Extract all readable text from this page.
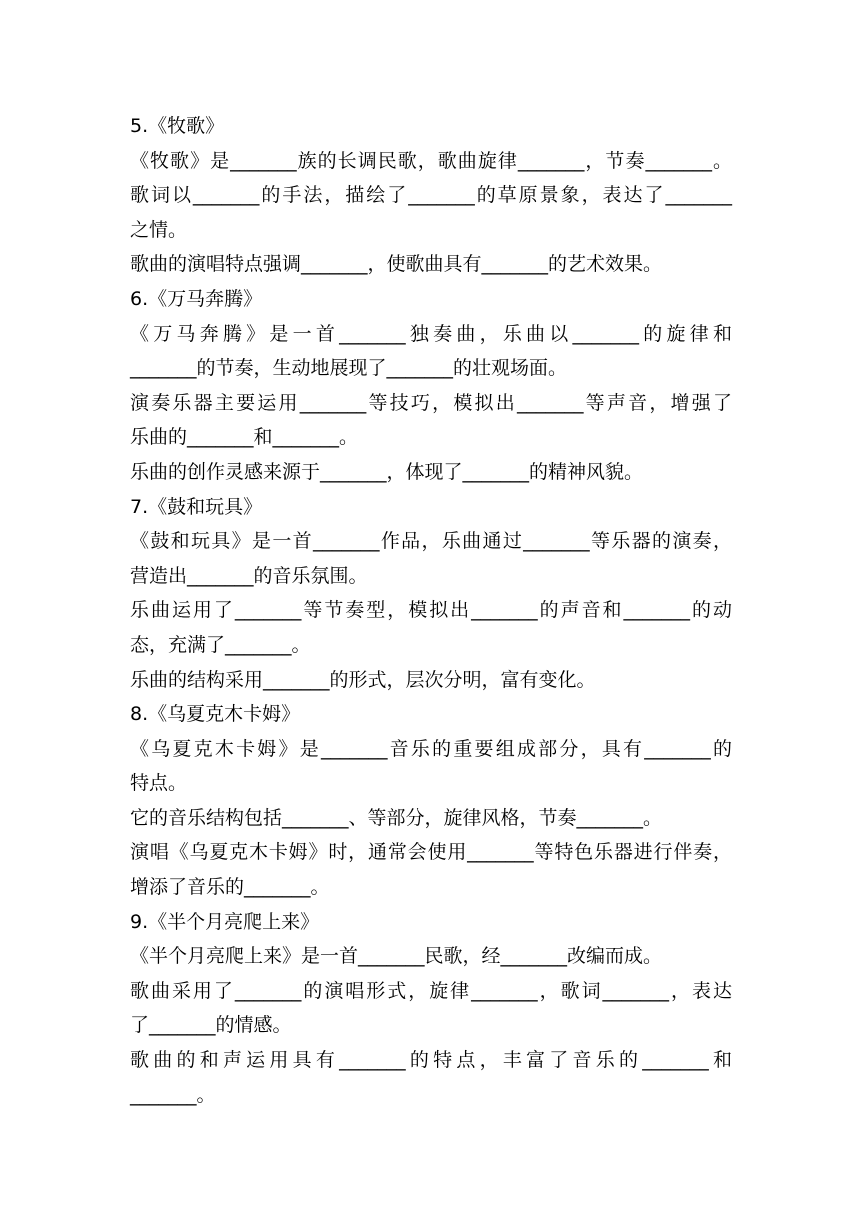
5.《牧歌》
《牧歌》是_______族的长调民歌，歌曲旋律_______，节奏_______。
歌词以_______的手法，描绘了_______的草原景象，表达了_______
之情。
歌曲的演唱特点强调_______，使歌曲具有_______的艺术效果。
6.《万马奔腾》
《万马奔腾》是一首_______独奏曲，乐曲以_______的旋律和
_______的节奏，生动地展现了_______的壮观场面。
演奏乐器主要运用_______等技巧，模拟出_______等声音，增强了
乐曲的_______和_______。
乐曲的创作灵感来源于_______，体现了_______的精神风貌。
7.《鼓和玩具》
《鼓和玩具》是一首_______作品，乐曲通过_______等乐器的演奏，
营造出_______的音乐氛围。
乐曲运用了_______等节奏型，模拟出_______的声音和_______的动
态，充满了_______。
乐曲的结构采用_______的形式，层次分明，富有变化。
8.《乌夏克木卡姆》
《乌夏克木卡姆》是_______音乐的重要组成部分，具有_______的
特点。
它的音乐结构包括_______、等部分，旋律风格，节奏_______。
演唱《乌夏克木卡姆》时，通常会使用_______等特色乐器进行伴奏，
增添了音乐的_______。
9.《半个月亮爬上来》
《半个月亮爬上来》是一首_______民歌，经_______改编而成。
歌曲采用了_______的演唱形式，旋律_______，歌词_______，表达
了_______的情感。
歌曲的和声运用具有_______的特点，丰富了音乐的_______和
_______。
